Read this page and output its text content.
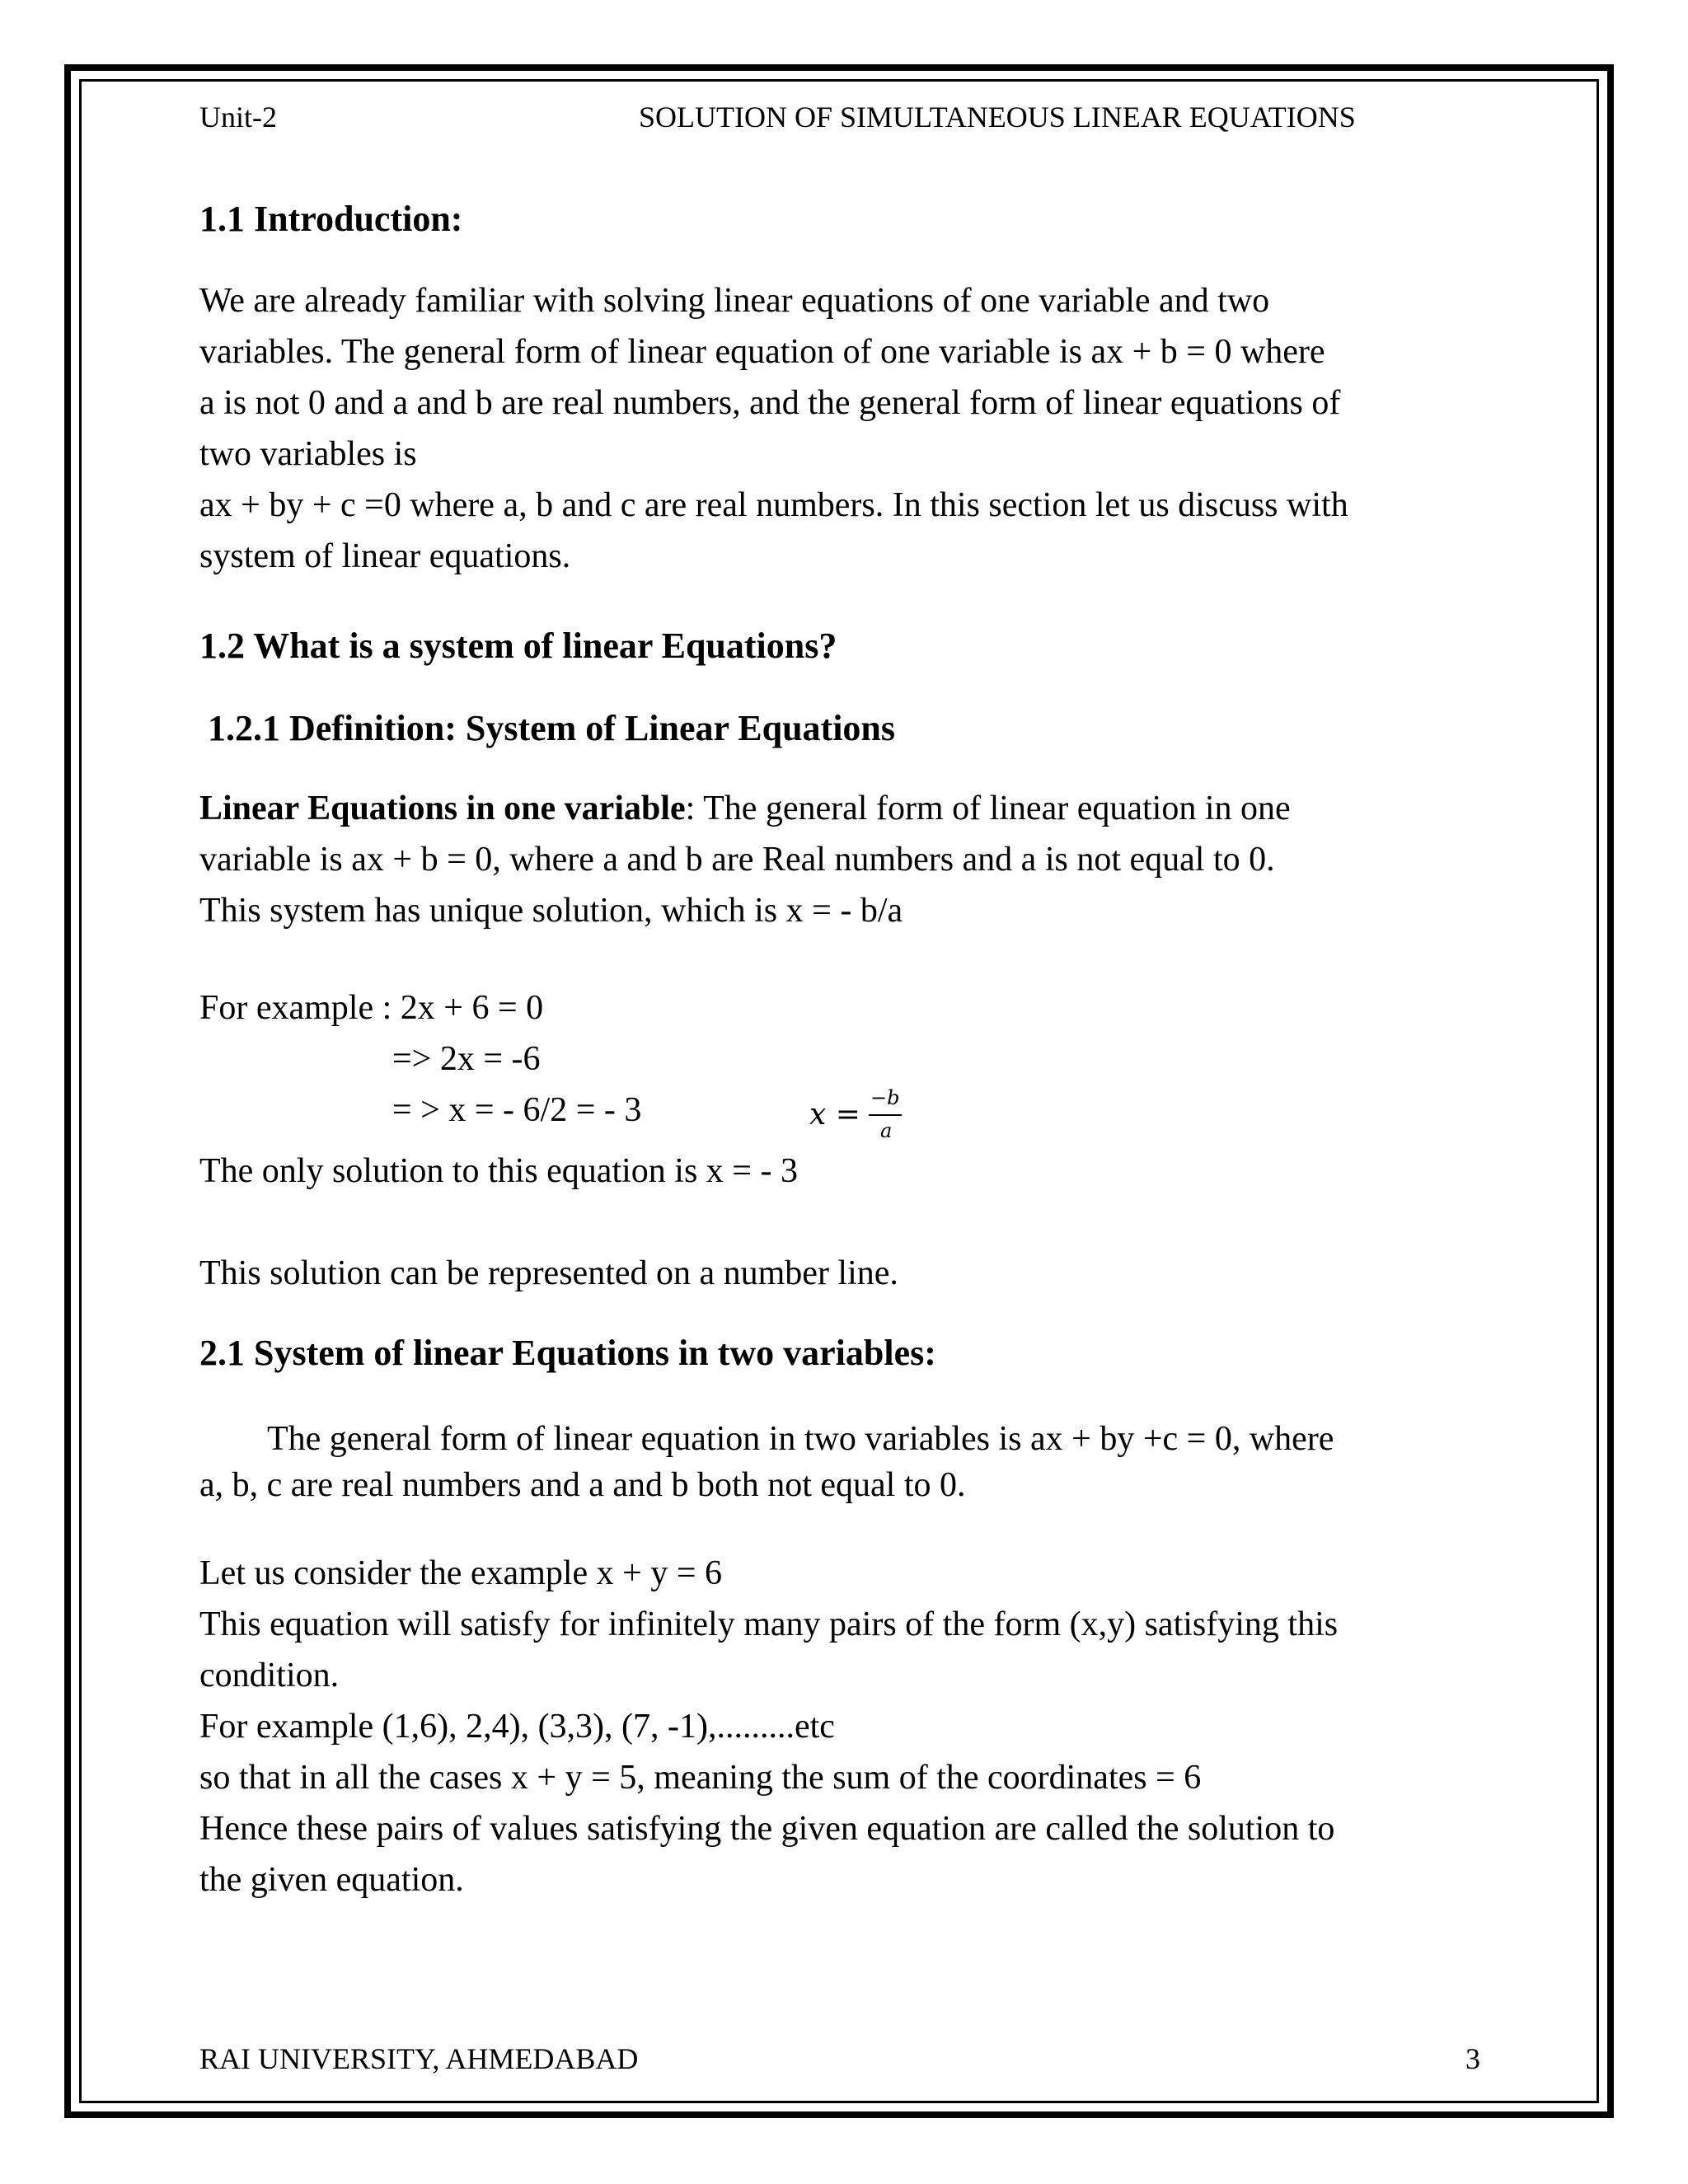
Unit-2	SOLUTION OF SIMULTANEOUS LINEAR EQUATIONS
1.1 Introduction:

We are already familiar with solving linear equations of one variable and two

variables. The general form of linear equation of one variable is ax + b = 0 where

a is not 0 and a and b are real numbers, and the general form of linear equations of

two variables is

ax + by + c =0 where a, b and c are real numbers. In this section let us discuss with

system of linear equations.

1.2 What is a system of linear Equations?
1.2.1 Definition: System of Linear Equations

Linear Equations in one variable: The general form of linear equation in one

variable is ax + b = 0, where a and b are Real numbers and a is not equal to 0.

This system has unique solution, which is x = - b/a

For example : 2x + 6 = 0
=> 2x = -6
= > x = - 6/2 = - 3	x = −b
a
The only solution to this equation is x = - 3
This solution can be represented on a number line.
2.1 System of linear Equations in two variables:

The general form of linear equation in two variables is ax + by +c = 0, where

a, b, c are real numbers and a and b both not equal to 0.

Let us consider the example x + y = 6

This equation will satisfy for infinitely many pairs of the form (x,y) satisfying this

condition.

For example (1,6), 2,4), (3,3), (7, -1),.........etc

so that in all the cases x + y = 5, meaning the sum of the coordinates = 6

Hence these pairs of values satisfying the given equation are called the solution to

the given equation.

RAI UNIVERSITY, AHMEDABAD	3
